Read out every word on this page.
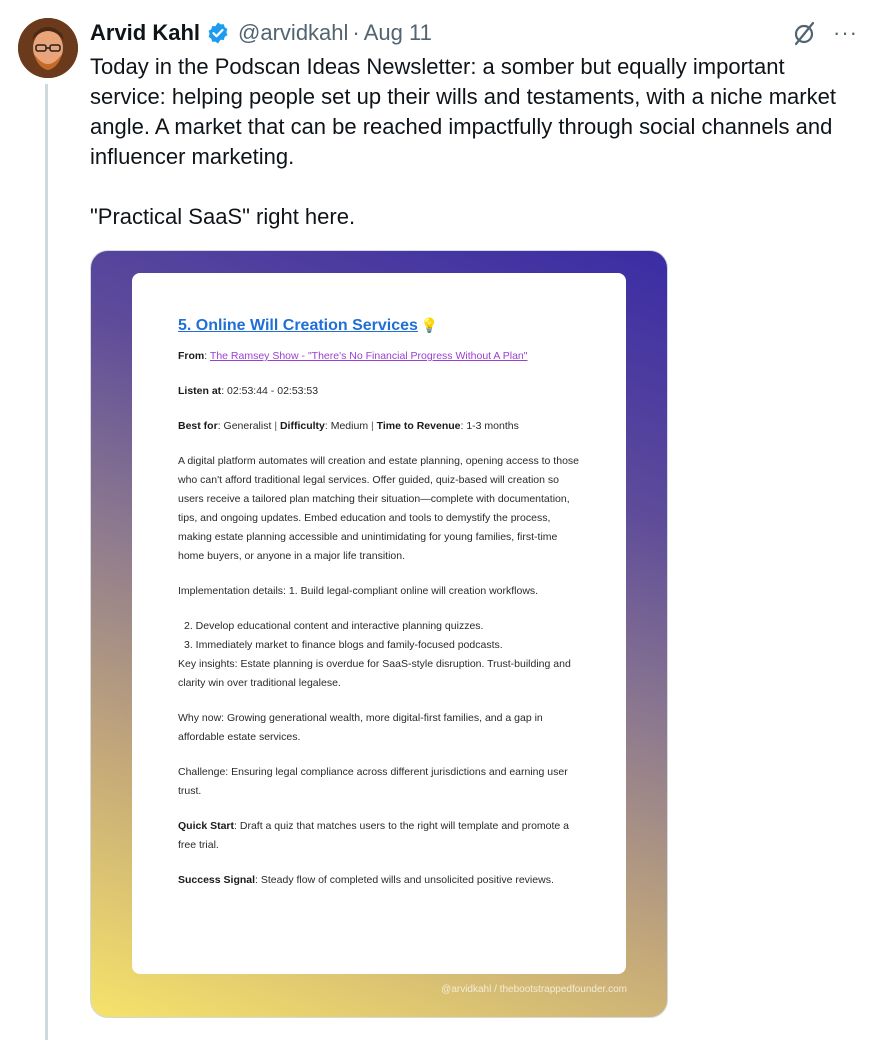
Arvid Kahl @arvidkahl · Aug 11	···

Today in the Podscan Ideas Newsletter: a somber but equally important service: helping people set up their wills and testaments, with a niche market angle. A market that can be reached impactfully through social channels and influencer marketing.

"Practical SaaS" right here.

5. Online Will Creation Services 💡
From: The Ramsey Show - "There's No Financial Progress Without A Plan"
Listen at: 02:53:44 - 02:53:53
Best for: Generalist | Difficulty: Medium | Time to Revenue: 1-3 months
A digital platform automates will creation and estate planning, opening access to those who can't afford traditional legal services. Offer guided, quiz-based will creation so users receive a tailored plan matching their situation—complete with documentation, tips, and ongoing updates. Embed education and tools to demystify the process, making estate planning accessible and unintimidating for young families, first-time home buyers, or anyone in a major life transition.
Implementation details: 1. Build legal-compliant online will creation workflows.
2. Develop educational content and interactive planning quizzes.
3. Immediately market to finance blogs and family-focused podcasts.
Key insights: Estate planning is overdue for SaaS-style disruption. Trust-building and clarity win over traditional legalese.
Why now: Growing generational wealth, more digital-first families, and a gap in affordable estate services.
Challenge: Ensuring legal compliance across different jurisdictions and earning user trust.
Quick Start: Draft a quiz that matches users to the right will template and promote a free trial.
Success Signal: Steady flow of completed wills and unsolicited positive reviews.
@arvidkahl / thebootstrappedfounder.com
